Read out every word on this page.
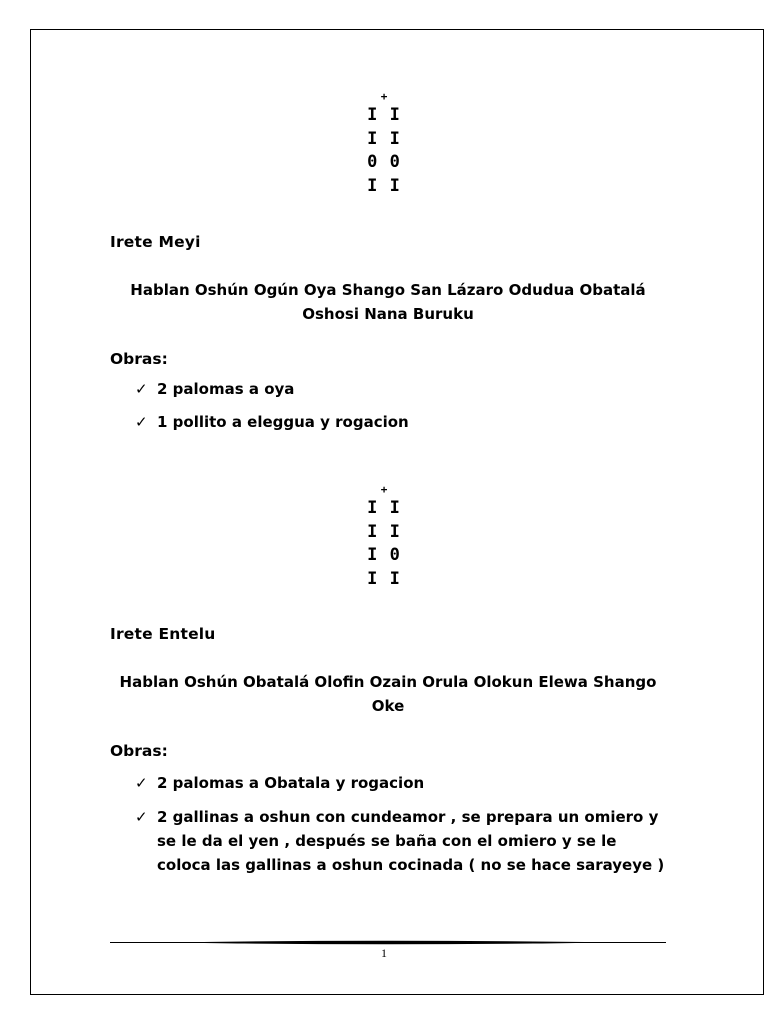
+
I I
I I
0 0
I I
Irete Meyi
Hablan Oshún Ogún Oya Shango San Lázaro Odudua Obatalá Oshosi Nana Buruku
Obras:
✓ 2 palomas a oya
✓ 1 pollito a eleggua y rogacion
+
I I
I I
I 0
I I
Irete Entelu
Hablan Oshún Obatalá Olofin Ozain Orula Olokun Elewa Shango Oke
Obras:
✓ 2 palomas a Obatala y rogacion
✓ 2 gallinas a oshun con cundeamor , se prepara un omiero y se le da el yen , después se baña con el omiero y se le coloca las gallinas a oshun cocinada ( no se hace sarayeye )
1
